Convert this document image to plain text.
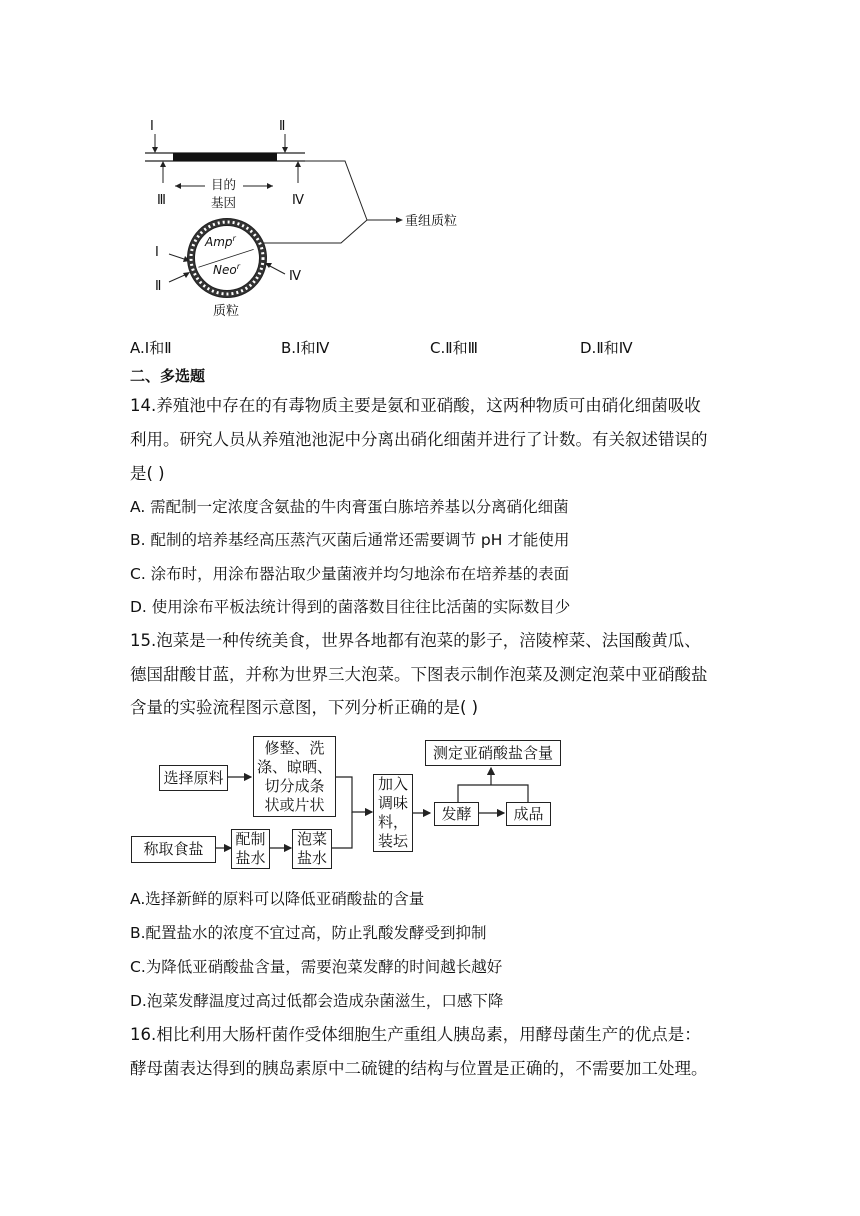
Ⅰ	Ⅱ
Ⅲ	Ⅳ
目的
基因
重组质粒
Amp$^r$
Neo$^r$
Ⅰ
Ⅱ
Ⅳ
质粒
A.Ⅰ和Ⅱ	B.Ⅰ和Ⅳ	C.Ⅱ和Ⅲ	D.Ⅱ和Ⅳ
二、多选题
14.养殖池中存在的有毒物质主要是氨和亚硝酸，这两种物质可由硝化细菌吸收
利用。研究人员从养殖池池泥中分离出硝化细菌并进行了计数。有关叙述错误的
是( )
A. 需配制一定浓度含氨盐的牛肉膏蛋白胨培养基以分离硝化细菌
B. 配制的培养基经高压蒸汽灭菌后通常还需要调节 pH 才能使用
C. 涂布时，用涂布器沾取少量菌液并均匀地涂布在培养基的表面
D. 使用涂布平板法统计得到的菌落数目往往比活菌的实际数目少
15.泡菜是一种传统美食，世界各地都有泡菜的影子，涪陵榨菜、法国酸黄瓜、
德国甜酸甘蓝，并称为世界三大泡菜。下图表示制作泡菜及测定泡菜中亚硝酸盐
含量的实验流程图示意图，下列分析正确的是( )
选择原料
修整、洗
涤、晾晒、
切分成条
状或片状
称取食盐
配制
盐水
泡菜
盐水
加入
调味
料，
装坛
发酵	成品
测定亚硝酸盐含量
A.选择新鲜的原料可以降低亚硝酸盐的含量
B.配置盐水的浓度不宜过高，防止乳酸发酵受到抑制
C.为降低亚硝酸盐含量，需要泡菜发酵的时间越长越好
D.泡菜发酵温度过高过低都会造成杂菌滋生，口感下降
16.相比利用大肠杆菌作受体细胞生产重组人胰岛素，用酵母菌生产的优点是：
酵母菌表达得到的胰岛素原中二硫键的结构与位置是正确的，不需要加工处理。
